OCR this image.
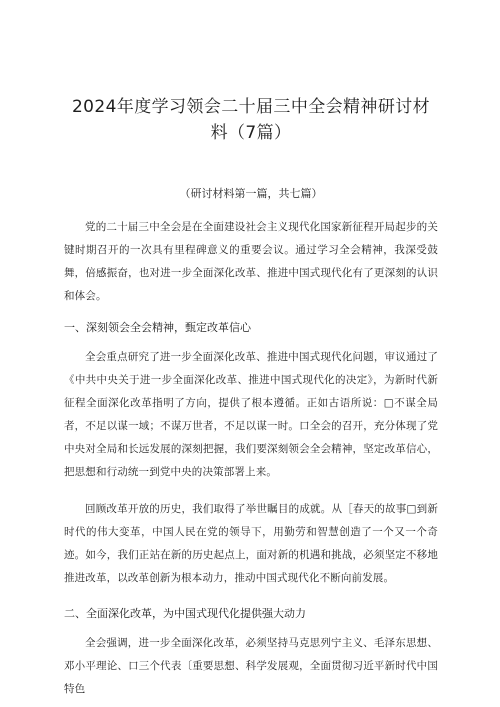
2024年度学习领会二十届三中全会精神研讨材料（7篇）

（研讨材料第一篇，共七篇）

党的二十届三中全会是在全面建设社会主义现代化国家新征程开局起步的关键时期召开的一次具有里程碑意义的重要会议。通过学习全会精神，我深受鼓舞，倍感振奋，也对进一步全面深化改革、推进中国式现代化有了更深刻的认识和体会。

一、深刻领会全会精神，甄定改革信心

全会重点研究了进一步全面深化改革、推进中国式现代化问题，审议通过了《中共中央关于进一步全面深化改革、推进中国式现代化的决定》，为新时代新征程全面深化改革指明了方向，提供了根本遵循。正如古语所说：□不谋全局者，不足以谋一域；不谋万世者，不足以谋一时。口全会的召开，充分体现了党中央对全局和长远发展的深刻把握，我们要深刻领会全会精神，坚定改革信心，把思想和行动统一到党中央的决策部署上来。

回顾改革开放的历史，我们取得了举世瞩目的成就。从［春天的故事□到新时代的伟大变革，中国人民在党的领导下，用勤劳和智慧创造了一个又一个奇迹。如今，我们正站在新的历史起点上，面对新的机遇和挑战，必须坚定不移地推进改革，以改革创新为根本动力，推动中国式现代化不断向前发展。

二、全面深化改革，为中国式现代化提供强大动力

全会强调，进一步全面深化改革，必须坚持马克思列宁主义、毛泽东思想、邓小平理论、口三个代表〔重要思想、科学发展观，全面贯彻习近平新时代中国特色
